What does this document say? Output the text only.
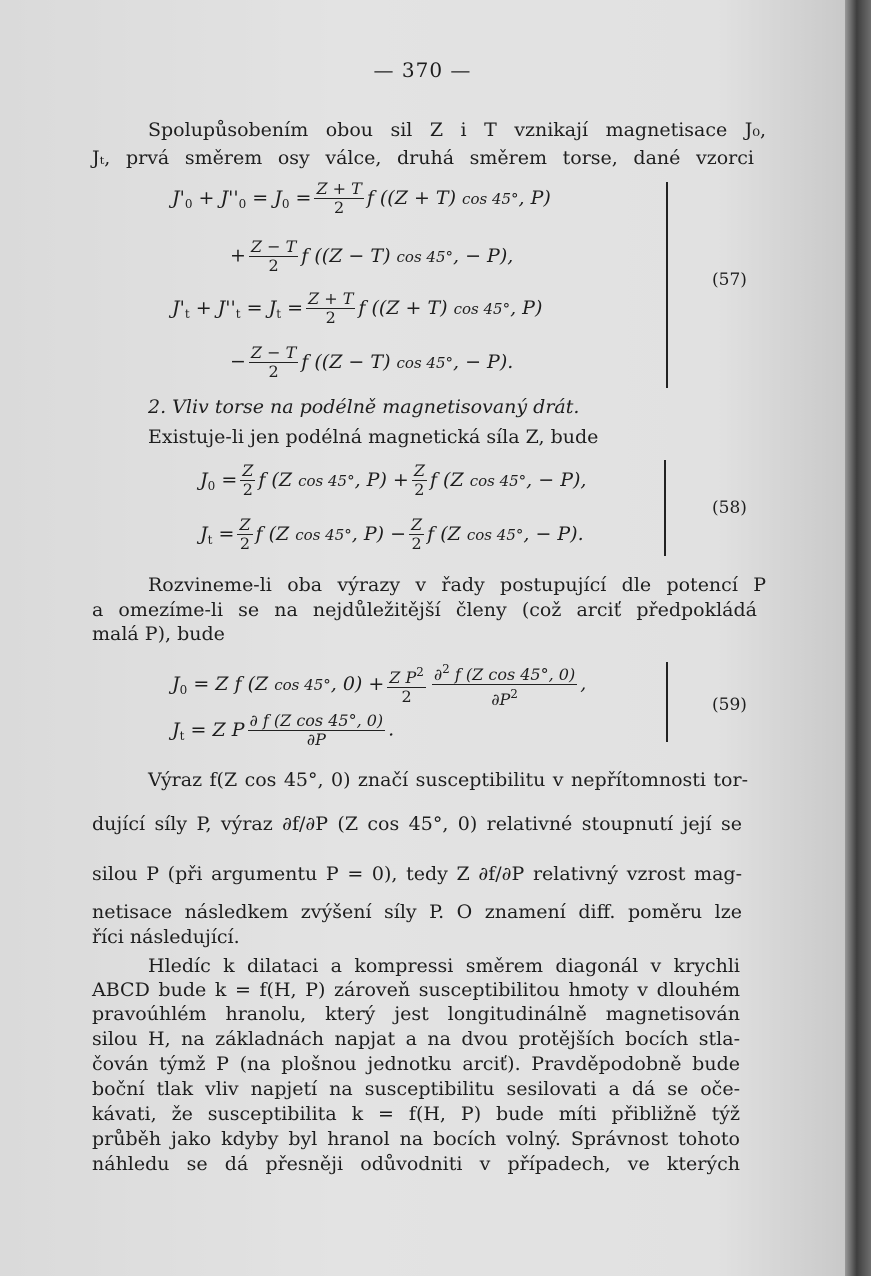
— 370 —
Spolupůsobením obou sil Z i T vznikají magnetisace J₀,
Jₜ, prvá směrem osy válce, druhá směrem torse, dané vzorci
$J'_0 + J''_0 = J_0 = \frac{Z + T}{2}$ f ((Z + T) cos 45°, P)
+ $\frac{Z - T}{2}$ f ((Z − T) cos 45°, − P),
$J'_t + J''_t = J_t = \frac{Z + T}{2}$ f ((Z + T) cos 45°, P)
− $\frac{Z - T}{2}$ f ((Z − T) cos 45°, − P).
(57)
2. Vliv torse na podélně magnetisovaný drát.
Existuje-li jen podélná magnetická síla Z, bude
$J_0 = \frac{Z}{2}$ f (Z cos 45°, $P) + \frac{Z}{2}$ f (Z cos 45°, − P),
$J_t = \frac{Z}{2}$ f (Z cos 45°, $P) - \frac{Z}{2}$ f (Z cos 45°, − P).
(58)
Rozvineme-li oba výrazy v řady postupující dle potencí P
a omezíme-li se na nejdůležitější členy (což arciť předpokládá
malá P), bude
$J_0 = Z$ f (Z cos 45°, $0) + \frac{Z P^2}{2} \frac{\partial^2 f (Z \cos 45^\circ, 0)}{\partial P^2}$ ,
$J_t = Z$ P $\frac{\text{∂ f (Z cos 45°, 0)}}{\partial P}$ .
(59)
Výraz f(Z cos 45°, 0) značí susceptibilitu v nepřítomnosti tor-
dující síly P, výraz ∂f/∂P (Z cos 45°, 0) relativné stoupnutí její se
silou P (při argumentu P = 0), tedy Z ∂f/∂P relativný vzrost mag-
netisace následkem zvýšení síly P. O znamení diff. poměru lze
říci následující.
Hledíc k dilataci a kompressi směrem diagonál v krychli
ABCD bude k = f(H, P) zároveň susceptibilitou hmoty v dlouhém
pravoúhlém hranolu, který jest longitudinálně magnetisován
silou H, na základnách napjat a na dvou protějších bocích stla-
čován týmž P (na plošnou jednotku arciť). Pravděpodobně bude
boční tlak vliv napjetí na susceptibilitu sesilovati a dá se oče-
kávati, že susceptibilita k = f(H, P) bude míti přibližně týž
průběh jako kdyby byl hranol na bocích volný. Správnost tohoto
náhledu se dá přesněji odůvodniti v případech, ve kterých
